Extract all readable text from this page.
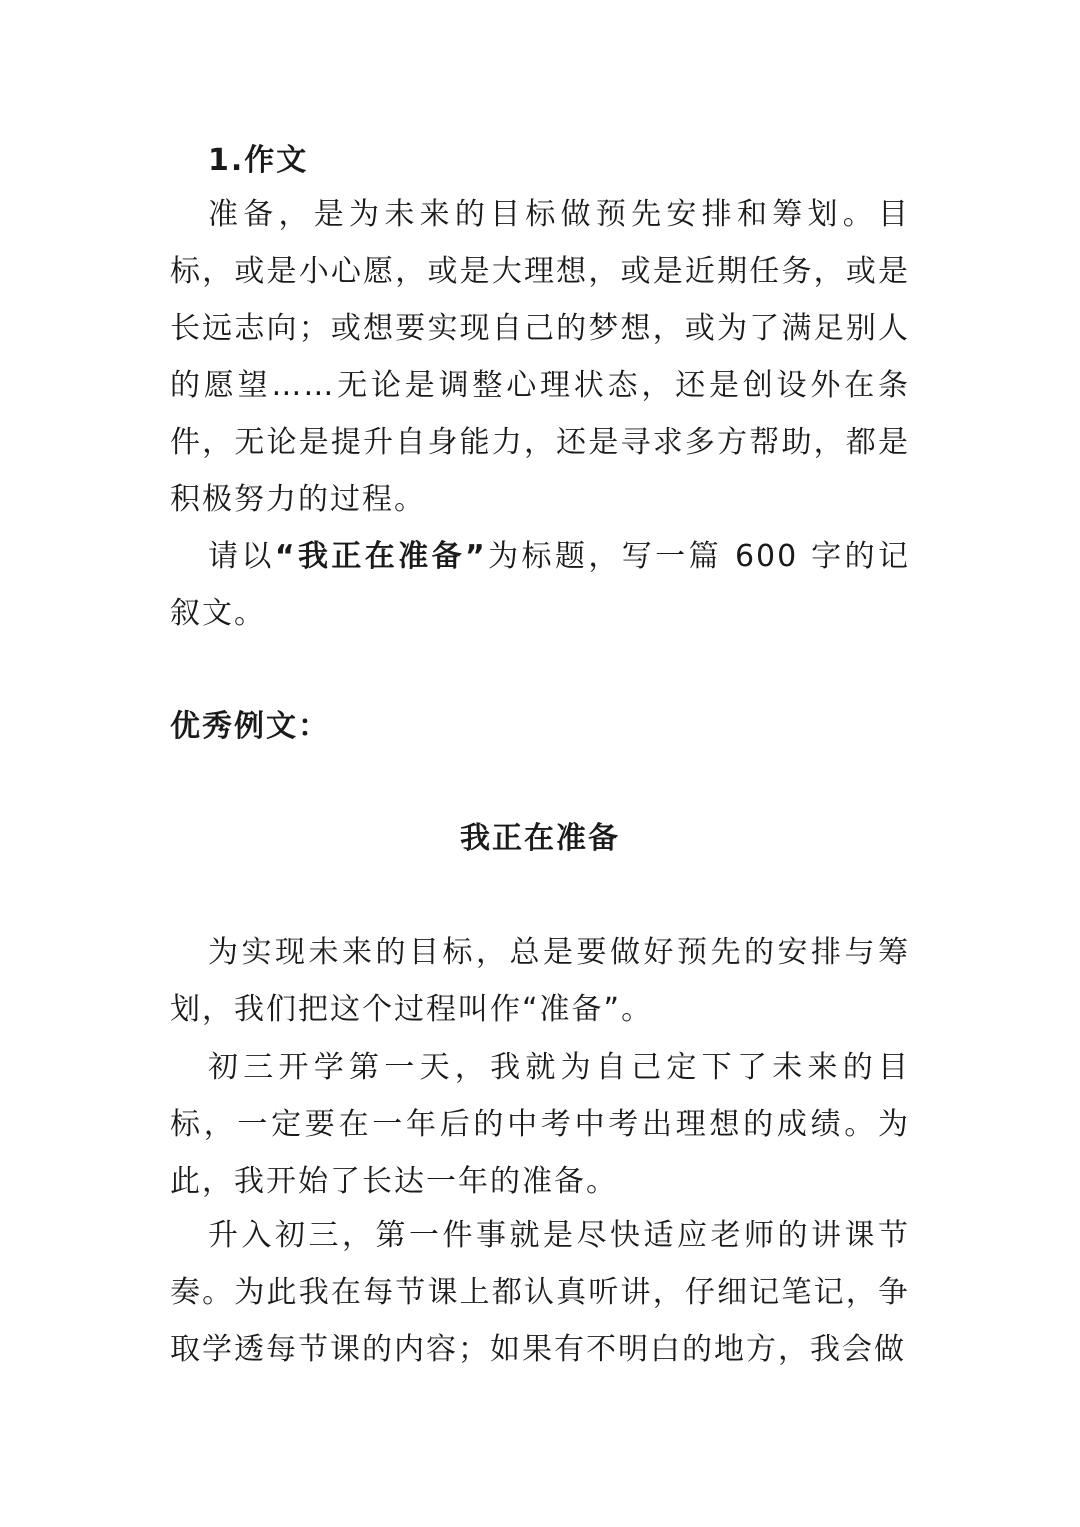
1.作文

准备，是为未来的目标做预先安排和筹划。目标，或是小心愿，或是大理想，或是近期任务，或是长远志向；或想要实现自己的梦想，或为了满足别人的愿望……无论是调整心理状态，还是创设外在条件，无论是提升自身能力，还是寻求多方帮助，都是积极努力的过程。

请以“我正在准备”为标题，写一篇 600 字的记叙文。

优秀例文：
我正在准备

为实现未来的目标，总是要做好预先的安排与筹划，我们把这个过程叫作“准备”。

初三开学第一天，我就为自己定下了未来的目标，一定要在一年后的中考中考出理想的成绩。为此，我开始了长达一年的准备。

升入初三，第一件事就是尽快适应老师的讲课节奏。为此我在每节课上都认真听讲，仔细记笔记，争取学透每节课的内容；如果有不明白的地方，我会做
